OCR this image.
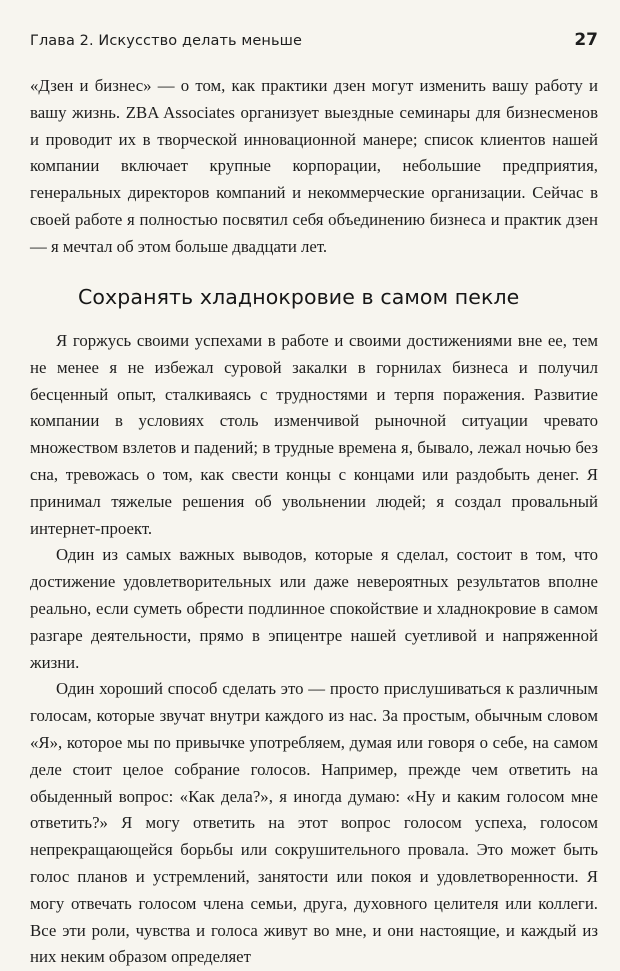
Глава 2. Искусство делать меньше	27

«Дзен и бизнес» — о том, как практики дзен могут изменить вашу работу и вашу жизнь. ZBA Associates организует выездные семинары для бизнесменов и проводит их в творческой инновационной манере; список клиентов нашей компании включает крупные корпорации, небольшие предприятия, генеральных директоров компаний и некоммерческие организации. Сейчас в своей работе я полностью посвятил себя объединению бизнеса и практик дзен — я мечтал об этом больше двадцати лет.

Сохранять хладнокровие в самом пекле

Я горжусь своими успехами в работе и своими достижениями вне ее, тем не менее я не избежал суровой закалки в горнилах бизнеса и получил бесценный опыт, сталкиваясь с трудностями и терпя поражения. Развитие компании в условиях столь изменчивой рыночной ситуации чревато множеством взлетов и падений; в трудные времена я, бывало, лежал ночью без сна, тревожась о том, как свести концы с концами или раздобыть денег. Я принимал тяжелые решения об увольнении людей; я создал провальный интернет-проект.

Один из самых важных выводов, которые я сделал, состоит в том, что достижение удовлетворительных или даже невероятных результатов вполне реально, если суметь обрести подлинное спокойствие и хладнокровие в самом разгаре деятельности, прямо в эпицентре нашей суетливой и напряженной жизни.

Один хороший способ сделать это — просто прислушиваться к различным голосам, которые звучат внутри каждого из нас. За простым, обычным словом «Я», которое мы по привычке употребляем, думая или говоря о себе, на самом деле стоит целое собрание голосов. Например, прежде чем ответить на обыденный вопрос: «Как дела?», я иногда думаю: «Ну и каким голосом мне ответить?» Я могу ответить на этот вопрос голосом успеха, голосом непрекращающейся борьбы или сокрушительного провала. Это может быть голос планов и устремлений, занятости или покоя и удовлетворенности. Я могу отвечать голосом члена семьи, друга, духовного целителя или коллеги. Все эти роли, чувства и голоса живут во мне, и они настоящие, и каждый из них неким образом определяет
